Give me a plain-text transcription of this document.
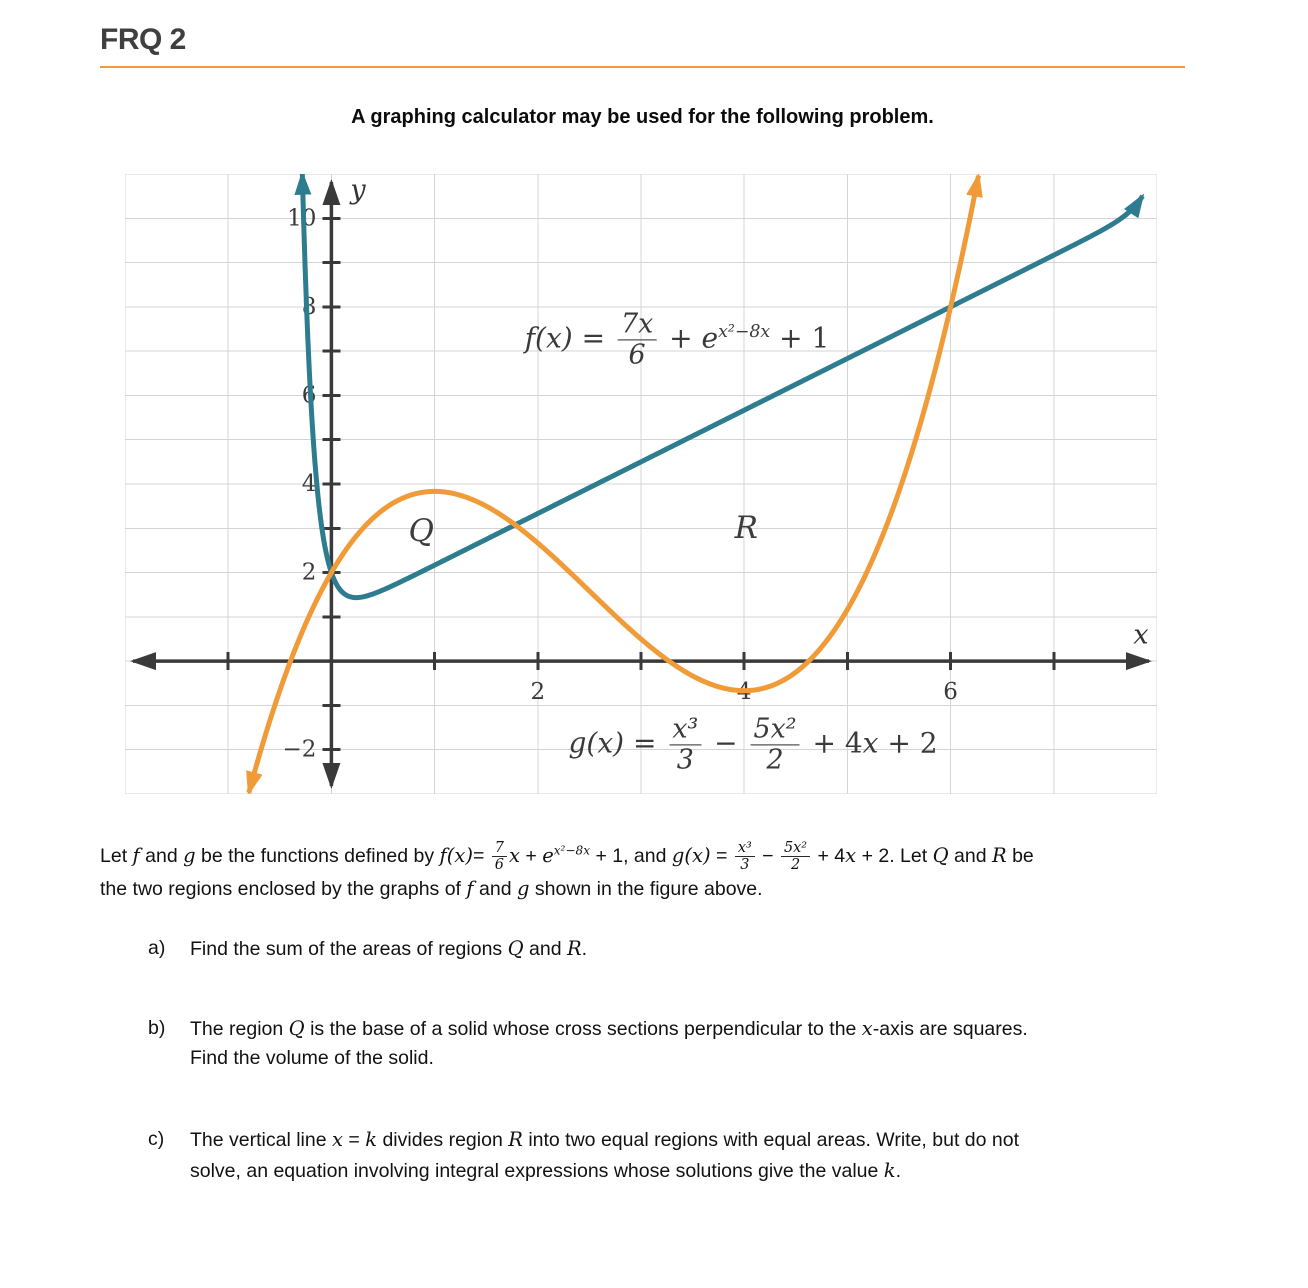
FRQ 2

A graphing calculator may be used for the following problem.

10
8
6
4
2
−2
2	4	6
$f(x) = \frac{7x}{6} + e^{x^2-8x} + 1$
$g(x) = \frac{\text{x³}}{3} - \frac{\text{5x²}}{2} + 4x + 2$
Q	R
y
x

Let f and g be the functions defined by $f(x)= \frac{7}{6}$ $x + e^{x^2-8x} + 1$, and $g(x) = \frac{\text{x³}}{3} - \frac{\text{5x²}}{2} + 4x + 2$. Let Q and R be
the two regions enclosed by the graphs of f and g shown in the figure above.

a)	Find the sum of the areas of regions Q and R.
b)	The region Q is the base of a solid whose cross sections perpendicular to the x-axis are squares.
Find the volume of the solid.
c)	The vertical line x = k divides region R into two equal regions with equal areas. Write, but do not
solve, an equation involving integral expressions whose solutions give the value k.
